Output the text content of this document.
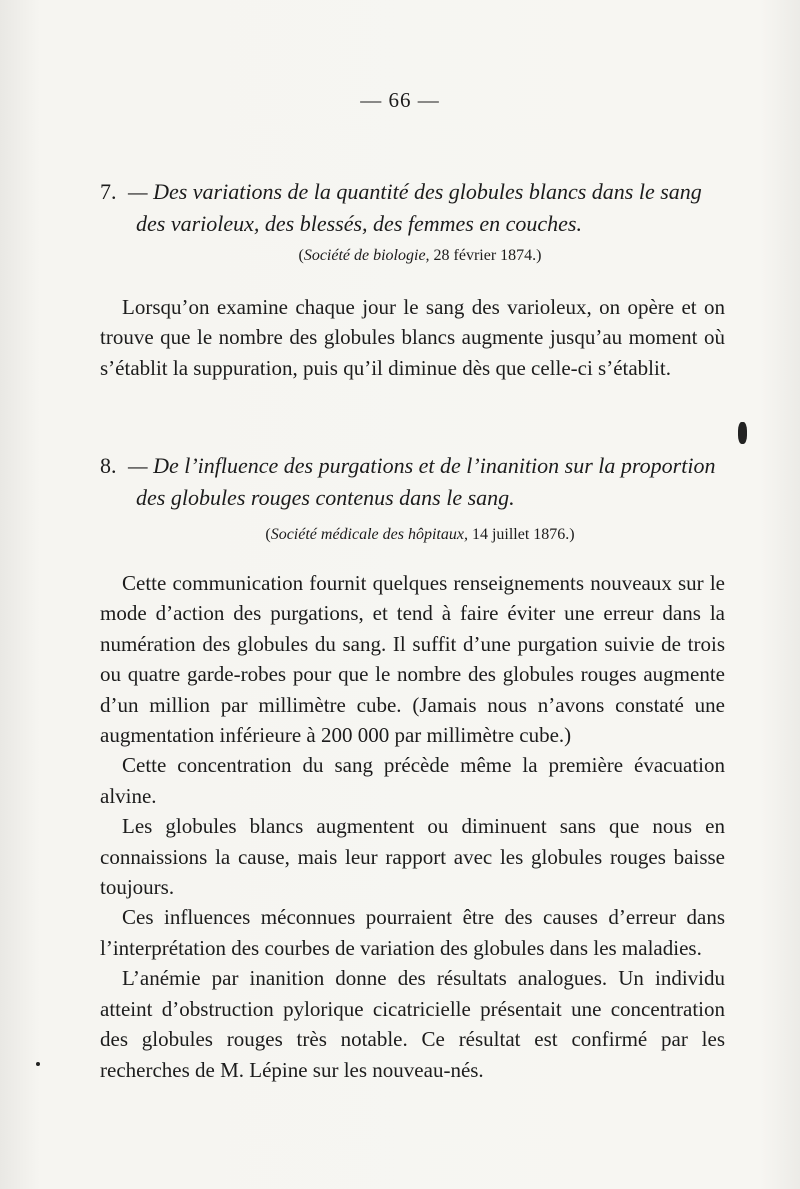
— 66 —

7. — Des variations de la quantité des globules blancs dans le sang des varioleux, des blessés, des femmes en couches.

(Société de biologie, 28 février 1874.)

Lorsqu’on examine chaque jour le sang des varioleux, on opère et on trouve que le nombre des globules blancs augmente jusqu’au moment où s’établit la suppuration, puis qu’il diminue dès que celle-ci s’établit.

8. — De l’influence des purgations et de l’inanition sur la proportion des globules rouges contenus dans le sang.

(Société médicale des hôpitaux, 14 juillet 1876.)

Cette communication fournit quelques renseignements nouveaux sur le mode d’action des purgations, et tend à faire éviter une erreur dans la numération des globules du sang. Il suffit d’une purgation suivie de trois ou quatre garde-robes pour que le nombre des globules rouges augmente d’un million par millimètre cube. (Jamais nous n’avons constaté une augmentation inférieure à 200 000 par millimètre cube.)

Cette concentration du sang précède même la première évacuation alvine.

Les globules blancs augmentent ou diminuent sans que nous en connaissions la cause, mais leur rapport avec les globules rouges baisse toujours.

Ces influences méconnues pourraient être des causes d’erreur dans l’interprétation des courbes de variation des globules dans les maladies.

L’anémie par inanition donne des résultats analogues. Un individu atteint d’obstruction pylorique cicatricielle présentait une concentration des globules rouges très notable. Ce résultat est confirmé par les recherches de M. Lépine sur les nouveau-nés.
